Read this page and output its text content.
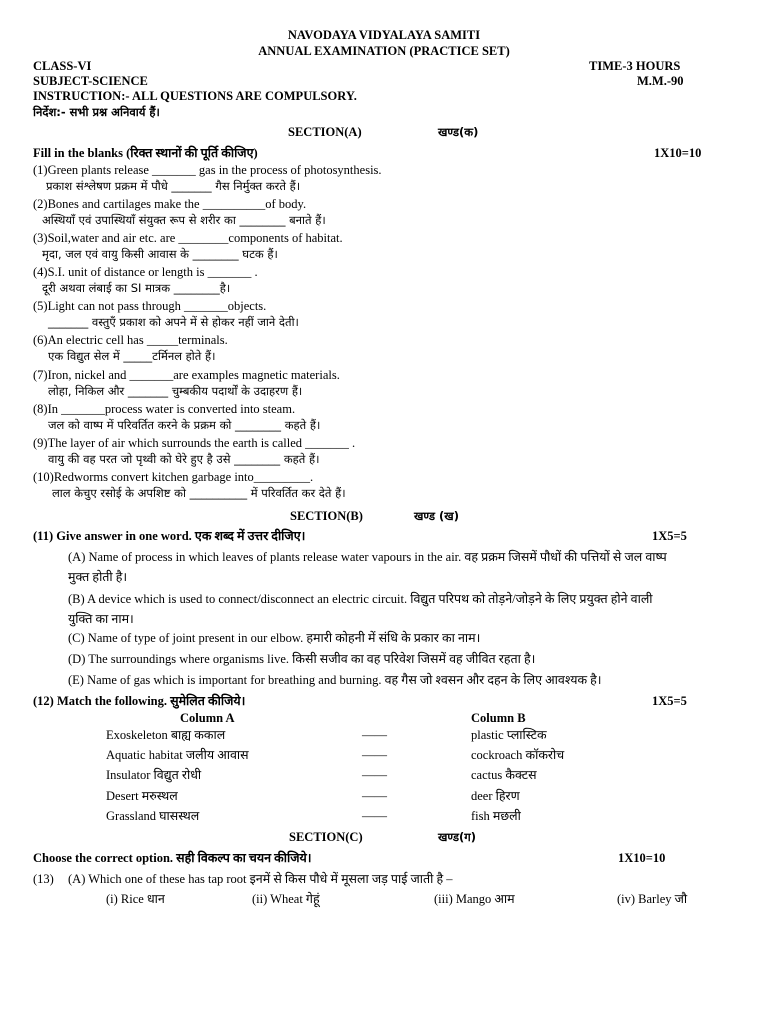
NAVODAYA VIDYALAYA SAMITI
ANNUAL EXAMINATION (PRACTICE SET)
CLASS-VI	TIME-3 HOURS
SUBJECT-SCIENCE	M.M.-90
INSTRUCTION:- ALL QUESTIONS ARE COMPULSORY.
निर्देश:- सभी प्रश्न अनिवार्य हैं।
SECTION(A)	खण्ड(क)
Fill in the blanks (रिक्त स्थानों की पूर्ति कीजिए)	1X10=10
(1)Green plants release _______ gas in the process of photosynthesis.
प्रकाश संश्लेषण प्रक्रम में पौधे _______ गैस निर्मुक्त करते हैं।
(2)Bones and cartilages make the __________of body.
अस्थियाँ एवं उपास्थियाँ संयुक्त रूप से शरीर का ________ बनाते हैं।
(3)Soil,water and air etc. are ________components of habitat.
मृदा, जल एवं वायु किसी आवास के ________ घटक हैं।
(4)S.I. unit of distance or length is _______ .
दूरी अथवा लंबाई का SI मात्रक ________है।
(5)Light can not pass through _______objects.
_______ वस्तुएँ प्रकाश को अपने में से होकर नहीं जाने देती।
(6)An electric cell has _____terminals.
एक विद्युत सेल में _____टर्मिनल होते हैं।
(7)Iron, nickel and _______are examples magnetic materials.
लोहा, निकिल और _______ चुम्बकीय पदार्थों के उदाहरण हैं।
(8)In _______process water is converted into steam.
जल को वाष्प में परिवर्तित करने के प्रक्रम को ________ कहते हैं।
(9)The layer of air which surrounds the earth is called _______ .
वायु की वह परत जो पृथ्वी को घेरे हुए है उसे ________ कहते हैं।
(10)Redworms convert kitchen garbage into_________.
लाल केचुए रसोई के अपशिष्ट को __________ में परिवर्तित कर देते हैं।
SECTION(B)	खण्ड (ख)
(11) Give answer in one word. एक शब्द में उत्तर दीजिए।	1X5=5
(A) Name of process in which leaves of plants release water vapours in the air. वह प्रक्रम जिसमें पौधों की पत्तियों से जल वाष्प
मुक्त होती है।
(B) A device which is used to connect/disconnect an electric circuit. विद्युत परिपथ को तोड़ने/जोड़ने के लिए प्रयुक्त होने वाली
युक्ति का नाम।
(C) Name of type of joint present in our elbow. हमारी कोहनी में संधि के प्रकार का नाम।
(D) The surroundings where organisms live. किसी सजीव का वह परिवेश जिसमें वह जीवित रहता है।
(E) Name of gas which is important for breathing and burning. वह गैस जो श्वसन और दहन के लिए आवश्यक है।
(12) Match the following. सुमेलित कीजिये।	1X5=5
Column A	Column B
Exoskeleton बाह्य ककाल	——	plastic प्लास्टिक
Aquatic habitat जलीय आवास	——	cockroach कॉकरोच
Insulator विद्युत रोधी	——	cactus कैक्टस
Desert मरुस्थल	——	deer हिरण
Grassland घासस्थल	——	fish मछली
SECTION(C)	खण्ड(ग)
Choose the correct option. सही विकल्प का चयन कीजिये।	1X10=10
(13) (A) Which one of these has tap root इनमें से किस पौधे में मूसला जड़ पाई जाती है –
(i) Rice धान	(ii) Wheat गेहूं	(iii) Mango आम	(iv) Barley जौ
